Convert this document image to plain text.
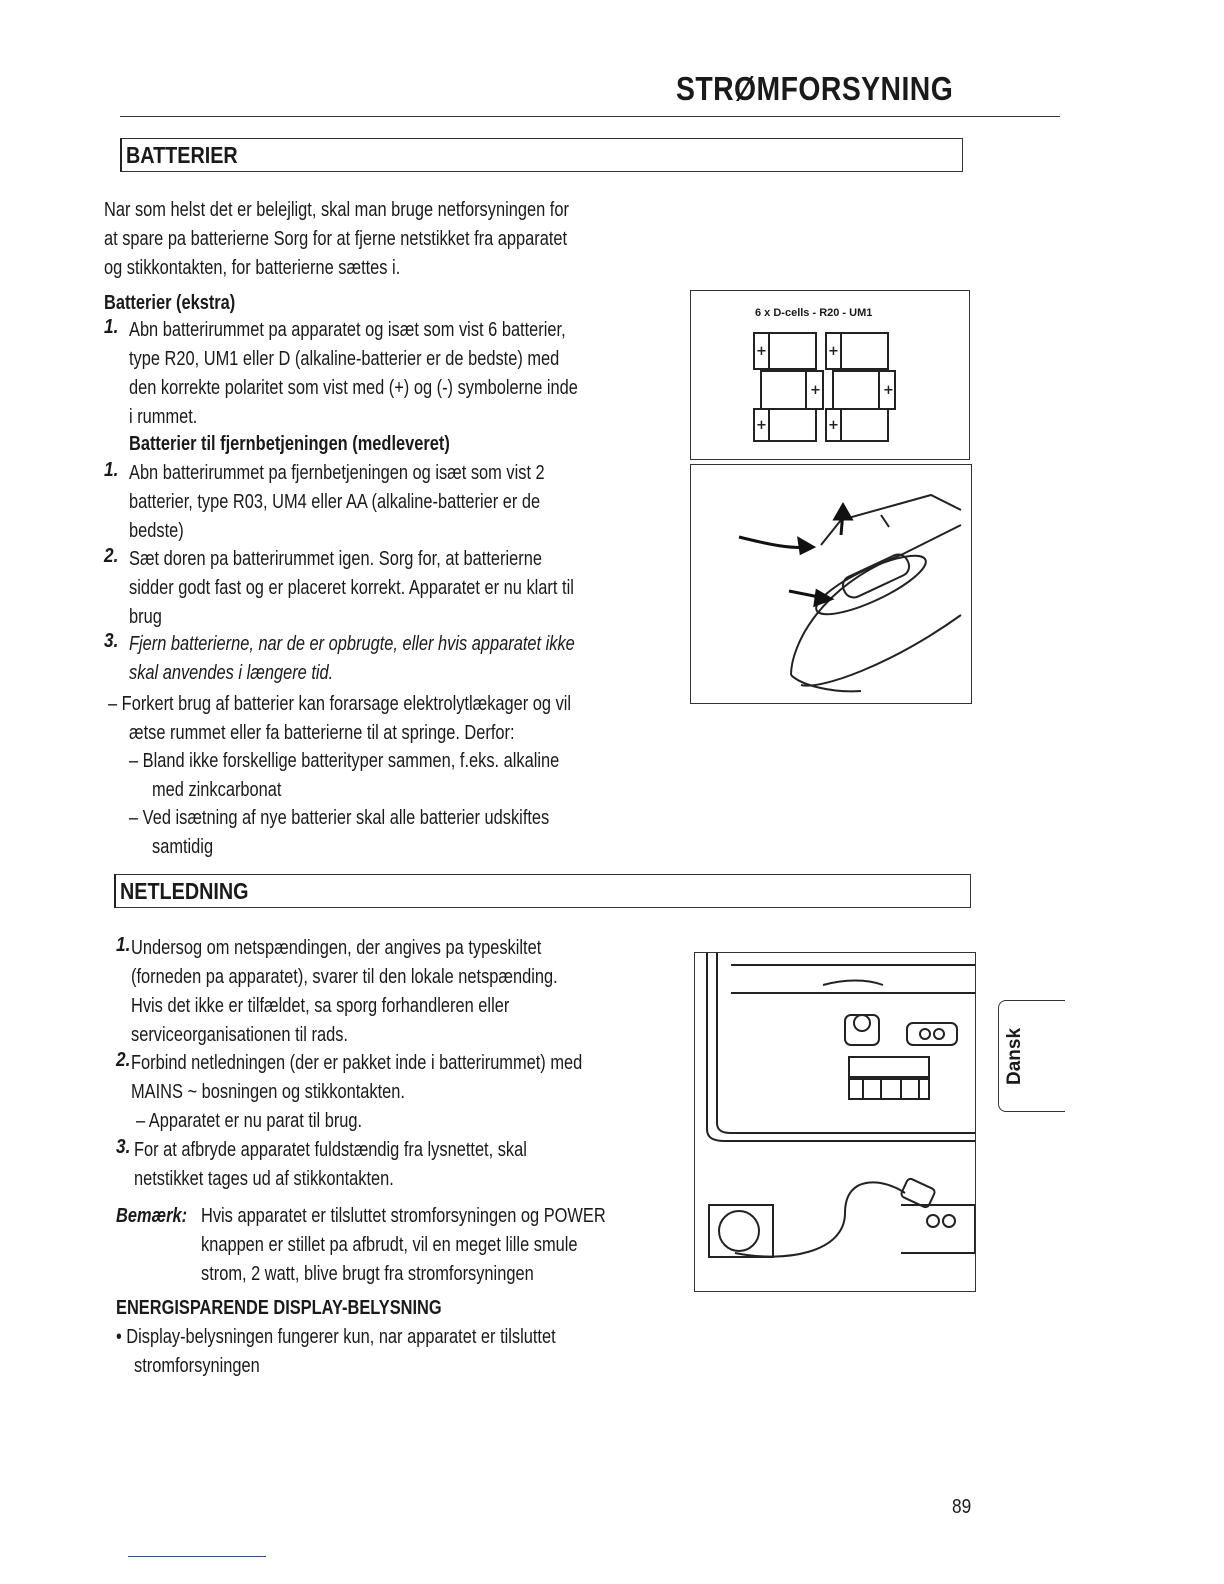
STRØMFORSYNING
BATTERIER
Nar som helst det er belejligt, skal man bruge netforsyningen for
at spare pa batterierne Sorg for at fjerne netstikket fra apparatet
og stikkontakten, for batterierne sættes i.
Batterier (ekstra)
1. Abn batterirummet pa apparatet og isæt som vist 6 batterier,
type R20, UM1 eller D (alkaline-batterier er de bedste) med
den korrekte polaritet som vist med (+) og (-) symbolerne inde
i rummet.
Batterier til fjernbetjeningen (medleveret)
1. Abn batterirummet pa fjernbetjeningen og isæt som vist 2
batterier, type R03, UM4 eller AA (alkaline-batterier er de
bedste)
2. Sæt doren pa batterirummet igen. Sorg for, at batterierne
sidder godt fast og er placeret korrekt. Apparatet er nu klart til
brug
3. Fjern batterierne, nar de er opbrugte, eller hvis apparatet ikke
skal anvendes i længere tid.
– Forkert brug af batterier kan forarsage elektrolytlækager og vil
ætse rummet eller fa batterierne til at springe. Derfor:
– Bland ikke forskellige batterityper sammen, f.eks. alkaline
med zinkcarbonat
– Ved isætning af nye batterier skal alle batterier udskiftes
samtidig
6 x D-cells - R20 - UM1
+	+
+	+
+	+
NETLEDNING
1. Undersog om netspændingen, der angives pa typeskiltet
(forneden pa apparatet), svarer til den lokale netspænding.
Hvis det ikke er tilfældet, sa sporg forhandleren eller
serviceorganisationen til rads.
2. Forbind netledningen (der er pakket inde i batterirummet) med
MAINS ~ bosningen og stikkontakten.
– Apparatet er nu parat til brug.
3. For at afbryde apparatet fuldstændig fra lysnettet, skal
netstikket tages ud af stikkontakten.
Bemærk: Hvis apparatet er tilsluttet stromforsyningen og POWER
knappen er stillet pa afbrudt, vil en meget lille smule
strom, 2 watt, blive brugt fra stromforsyningen
ENERGISPARENDE DISPLAY-BELYSNING
• Display-belysningen fungerer kun, nar apparatet er tilsluttet
stromforsyningen
Dansk
89
